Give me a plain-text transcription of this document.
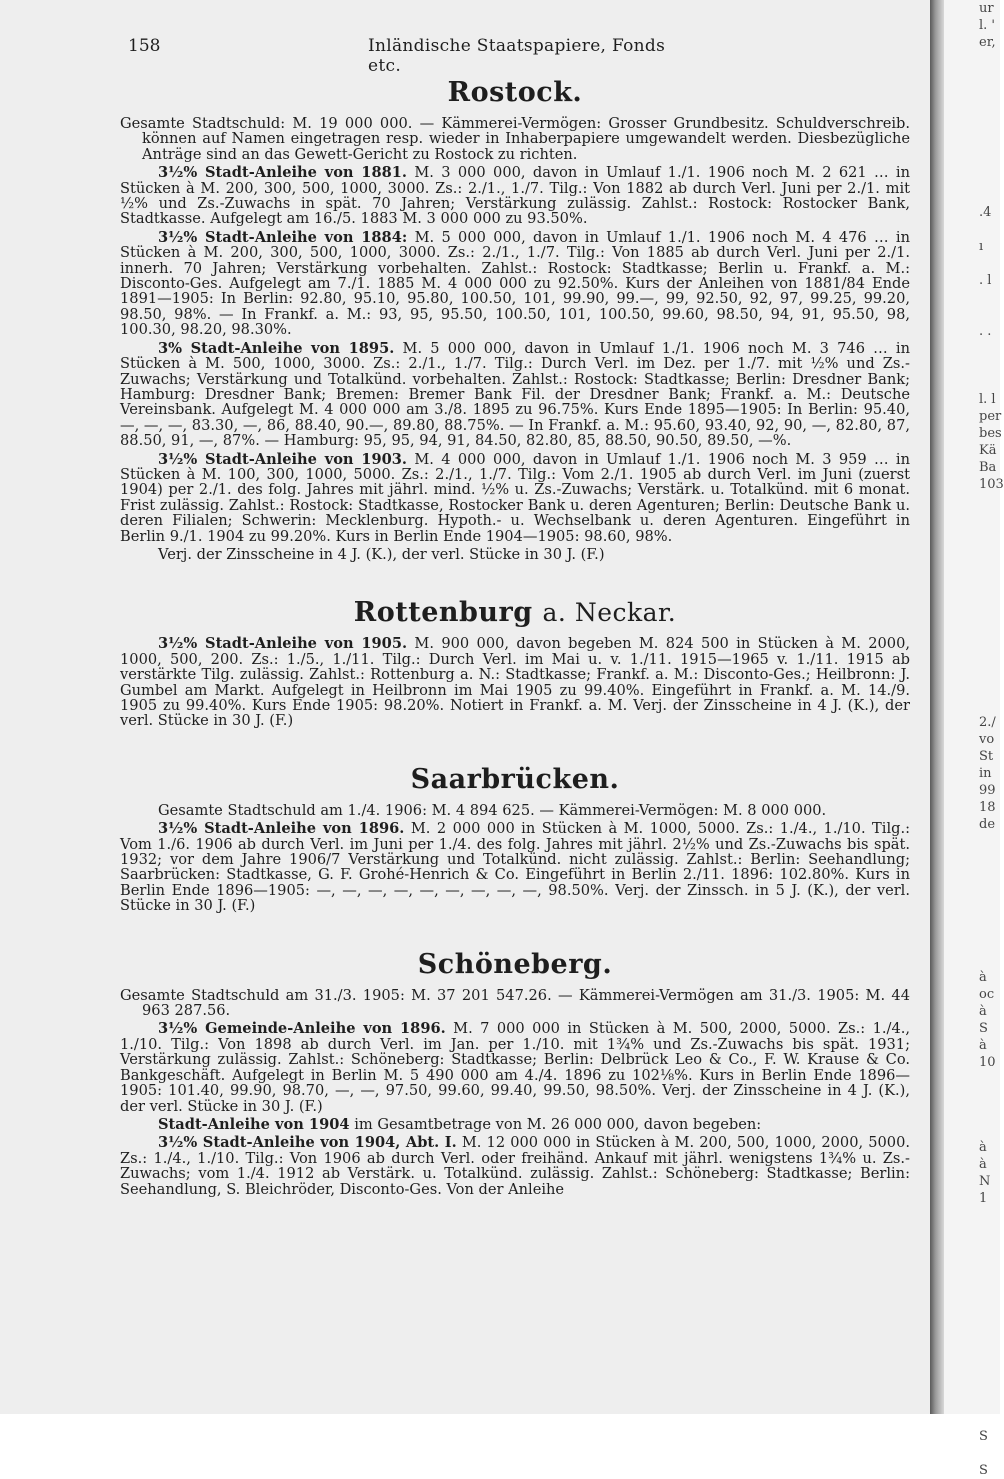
ur
l. '
er,

.4

ı

. l

. .

l. l
per
bes
Kä
Ba
103

2./
vo
St
in
99
18
de

à
oc
à
S
à
10

à
à
N
1

S

S
158	Inländische Staatspapiere, Fonds etc.
Rostock.

Gesamte Stadtschuld: M. 19 000 000. — Kämmerei-Vermögen: Grosser Grundbesitz. Schuldverschreib. können auf Namen eingetragen resp. wieder in Inhaberpapiere umgewandelt werden. Diesbezügliche Anträge sind an das Gewett-Gericht zu Rostock zu richten.

3½% Stadt-Anleihe von 1881. M. 3 000 000, davon in Umlauf 1./1. 1906 noch M. 2 621 … in Stücken à M. 200, 300, 500, 1000, 3000. Zs.: 2./1., 1./7. Tilg.: Von 1882 ab durch Verl. Juni per 2./1. mit ½% und Zs.-Zuwachs in spät. 70 Jahren; Verstärkung zulässig. Zahlst.: Rostock: Rostocker Bank, Stadtkasse. Aufgelegt am 16./5. 1883 M. 3 000 000 zu 93.50%.

3½% Stadt-Anleihe von 1884: M. 5 000 000, davon in Umlauf 1./1. 1906 noch M. 4 476 … in Stücken à M. 200, 300, 500, 1000, 3000. Zs.: 2./1., 1./7. Tilg.: Von 1885 ab durch Verl. Juni per 2./1. innerh. 70 Jahren; Verstärkung vorbehalten. Zahlst.: Rostock: Stadtkasse; Berlin u. Frankf. a. M.: Disconto-Ges. Aufgelegt am 7./1. 1885 M. 4 000 000 zu 92.50%. Kurs der Anleihen von 1881/84 Ende 1891—1905: In Berlin: 92.80, 95.10, 95.80, 100.50, 101, 99.90, 99.—, 99, 92.50, 92, 97, 99.25, 99.20, 98.50, 98%. — In Frankf. a. M.: 93, 95, 95.50, 100.50, 101, 100.50, 99.60, 98.50, 94, 91, 95.50, 98, 100.30, 98.20, 98.30%.

3% Stadt-Anleihe von 1895. M. 5 000 000, davon in Umlauf 1./1. 1906 noch M. 3 746 … in Stücken à M. 500, 1000, 3000. Zs.: 2./1., 1./7. Tilg.: Durch Verl. im Dez. per 1./7. mit ½% und Zs.-Zuwachs; Verstärkung und Totalkünd. vorbehalten. Zahlst.: Rostock: Stadtkasse; Berlin: Dresdner Bank; Hamburg: Dresdner Bank; Bremen: Bremer Bank Fil. der Dresdner Bank; Frankf. a. M.: Deutsche Vereinsbank. Aufgelegt M. 4 000 000 am 3./8. 1895 zu 96.75%. Kurs Ende 1895—1905: In Berlin: 95.40, —, —, —, 83.30, —, 86, 88.40, 90.—, 89.80, 88.75%. — In Frankf. a. M.: 95.60, 93.40, 92, 90, —, 82.80, 87, 88.50, 91, —, 87%. — Hamburg: 95, 95, 94, 91, 84.50, 82.80, 85, 88.50, 90.50, 89.50, —%.

3½% Stadt-Anleihe von 1903. M. 4 000 000, davon in Umlauf 1./1. 1906 noch M. 3 959 … in Stücken à M. 100, 300, 1000, 5000. Zs.: 2./1., 1./7. Tilg.: Vom 2./1. 1905 ab durch Verl. im Juni (zuerst 1904) per 2./1. des folg. Jahres mit jährl. mind. ½% u. Zs.-Zuwachs; Verstärk. u. Totalkünd. mit 6 monat. Frist zulässig. Zahlst.: Rostock: Stadtkasse, Rostocker Bank u. deren Agenturen; Berlin: Deutsche Bank u. deren Filialen; Schwerin: Mecklenburg. Hypoth.- u. Wechselbank u. deren Agenturen. Eingeführt in Berlin 9./1. 1904 zu 99.20%. Kurs in Berlin Ende 1904—1905: 98.60, 98%.

Verj. der Zinsscheine in 4 J. (K.), der verl. Stücke in 30 J. (F.)

Rottenburg a. Neckar.

3½% Stadt-Anleihe von 1905. M. 900 000, davon begeben M. 824 500 in Stücken à M. 2000, 1000, 500, 200. Zs.: 1./5., 1./11. Tilg.: Durch Verl. im Mai u. v. 1./11. 1915—1965 v. 1./11. 1915 ab verstärkte Tilg. zulässig. Zahlst.: Rottenburg a. N.: Stadtkasse; Frankf. a. M.: Disconto-Ges.; Heilbronn: J. Gumbel am Markt. Aufgelegt in Heilbronn im Mai 1905 zu 99.40%. Eingeführt in Frankf. a. M. 14./9. 1905 zu 99.40%. Kurs Ende 1905: 98.20%. Notiert in Frankf. a. M. Verj. der Zinsscheine in 4 J. (K.), der verl. Stücke in 30 J. (F.)

Saarbrücken.

Gesamte Stadtschuld am 1./4. 1906: M. 4 894 625. — Kämmerei-Vermögen: M. 8 000 000.

3½% Stadt-Anleihe von 1896. M. 2 000 000 in Stücken à M. 1000, 5000. Zs.: 1./4., 1./10. Tilg.: Vom 1./6. 1906 ab durch Verl. im Juni per 1./4. des folg. Jahres mit jährl. 2½% und Zs.-Zuwachs bis spät. 1932; vor dem Jahre 1906/7 Verstärkung und Totalkünd. nicht zulässig. Zahlst.: Berlin: Seehandlung; Saarbrücken: Stadtkasse, G. F. Grohé-Henrich & Co. Eingeführt in Berlin 2./11. 1896: 102.80%. Kurs in Berlin Ende 1896—1905: —, —, —, —, —, —, —, —, —, 98.50%. Verj. der Zinssch. in 5 J. (K.), der verl. Stücke in 30 J. (F.)

Schöneberg.

Gesamte Stadtschuld am 31./3. 1905: M. 37 201 547.26. — Kämmerei-Vermögen am 31./3. 1905: M. 44 963 287.56.

3½% Gemeinde-Anleihe von 1896. M. 7 000 000 in Stücken à M. 500, 2000, 5000. Zs.: 1./4., 1./10. Tilg.: Von 1898 ab durch Verl. im Jan. per 1./10. mit 1¾% und Zs.-Zuwachs bis spät. 1931; Verstärkung zulässig. Zahlst.: Schöneberg: Stadtkasse; Berlin: Delbrück Leo & Co., F. W. Krause & Co. Bankgeschäft. Aufgelegt in Berlin M. 5 490 000 am 4./4. 1896 zu 102⅛%. Kurs in Berlin Ende 1896—1905: 101.40, 99.90, 98.70, —, —, 97.50, 99.60, 99.40, 99.50, 98.50%. Verj. der Zinsscheine in 4 J. (K.), der verl. Stücke in 30 J. (F.)

Stadt-Anleihe von 1904 im Gesamtbetrage von M. 26 000 000, davon begeben:

3½% Stadt-Anleihe von 1904, Abt. I. M. 12 000 000 in Stücken à M. 200, 500, 1000, 2000, 5000. Zs.: 1./4., 1./10. Tilg.: Von 1906 ab durch Verl. oder freihänd. Ankauf mit jährl. wenigstens 1¾% u. Zs.-Zuwachs; vom 1./4. 1912 ab Verstärk. u. Totalkünd. zulässig. Zahlst.: Schöneberg: Stadtkasse; Berlin: Seehandlung, S. Bleichröder, Disconto-Ges. Von der Anleihe
